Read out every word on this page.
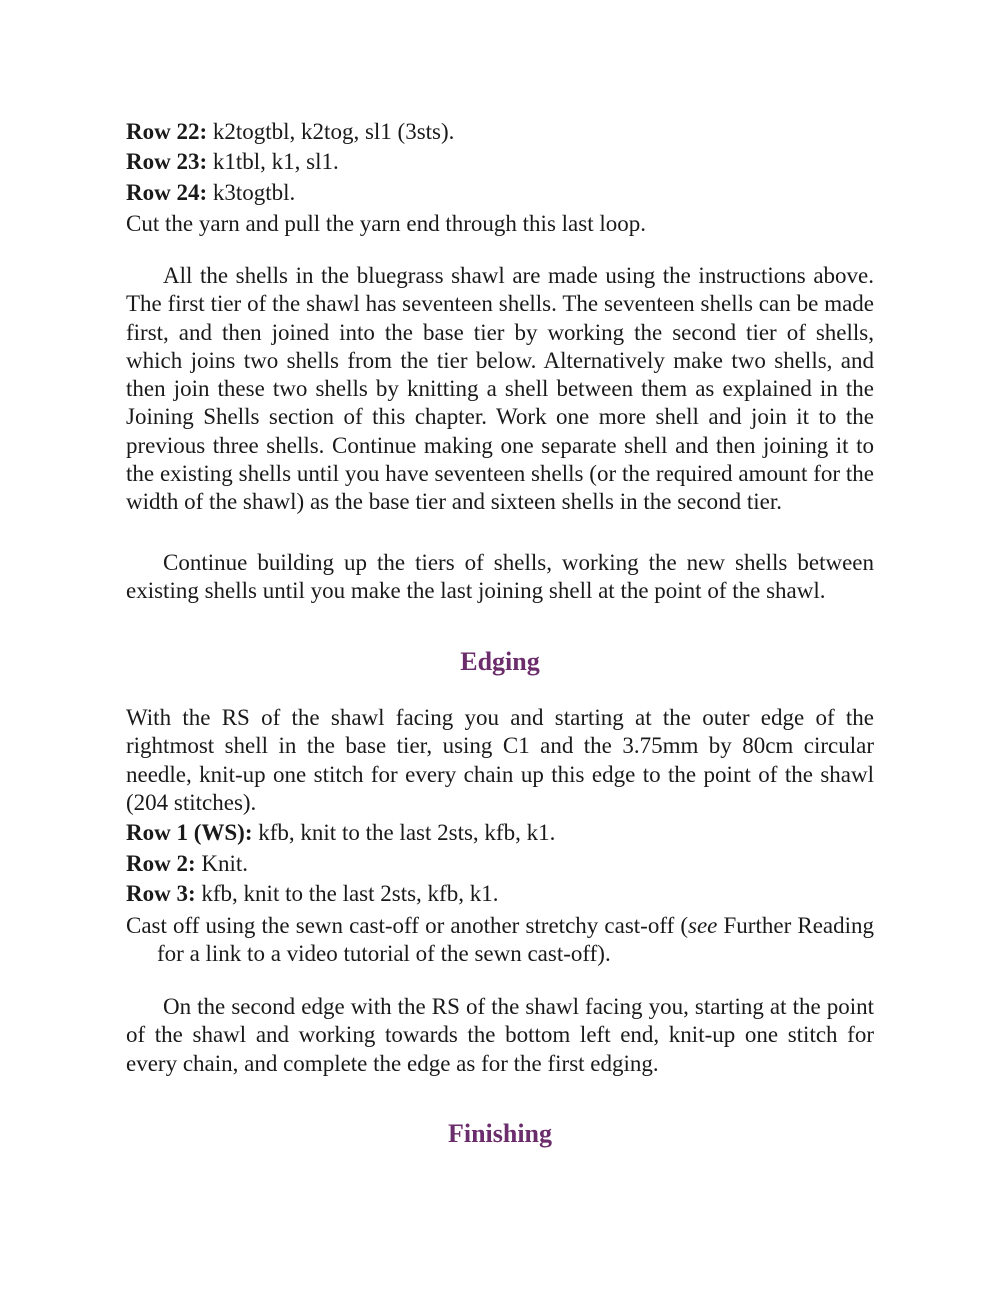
Row 22: k2togtbl, k2tog, sl1 (3sts).
Row 23: k1tbl, k1, sl1.
Row 24: k3togtbl.
Cut the yarn and pull the yarn end through this last loop.
All the shells in the bluegrass shawl are made using the instructions above. The first tier of the shawl has seventeen shells. The seventeen shells can be made first, and then joined into the base tier by working the second tier of shells, which joins two shells from the tier below. Alternatively make two shells, and then join these two shells by knitting a shell between them as explained in the Joining Shells section of this chapter. Work one more shell and join it to the previous three shells. Continue making one separate shell and then joining it to the existing shells until you have seventeen shells (or the required amount for the width of the shawl) as the base tier and sixteen shells in the second tier.
Continue building up the tiers of shells, working the new shells between existing shells until you make the last joining shell at the point of the shawl.
Edging
With the RS of the shawl facing you and starting at the outer edge of the rightmost shell in the base tier, using C1 and the 3.75mm by 80cm circular needle, knit-up one stitch for every chain up this edge to the point of the shawl (204 stitches).
Row 1 (WS): kfb, knit to the last 2sts, kfb, k1.
Row 2: Knit.
Row 3: kfb, knit to the last 2sts, kfb, k1.
Cast off using the sewn cast-off or another stretchy cast-off (see Further Reading for a link to a video tutorial of the sewn cast-off).
On the second edge with the RS of the shawl facing you, starting at the point of the shawl and working towards the bottom left end, knit-up one stitch for every chain, and complete the edge as for the first edging.
Finishing
